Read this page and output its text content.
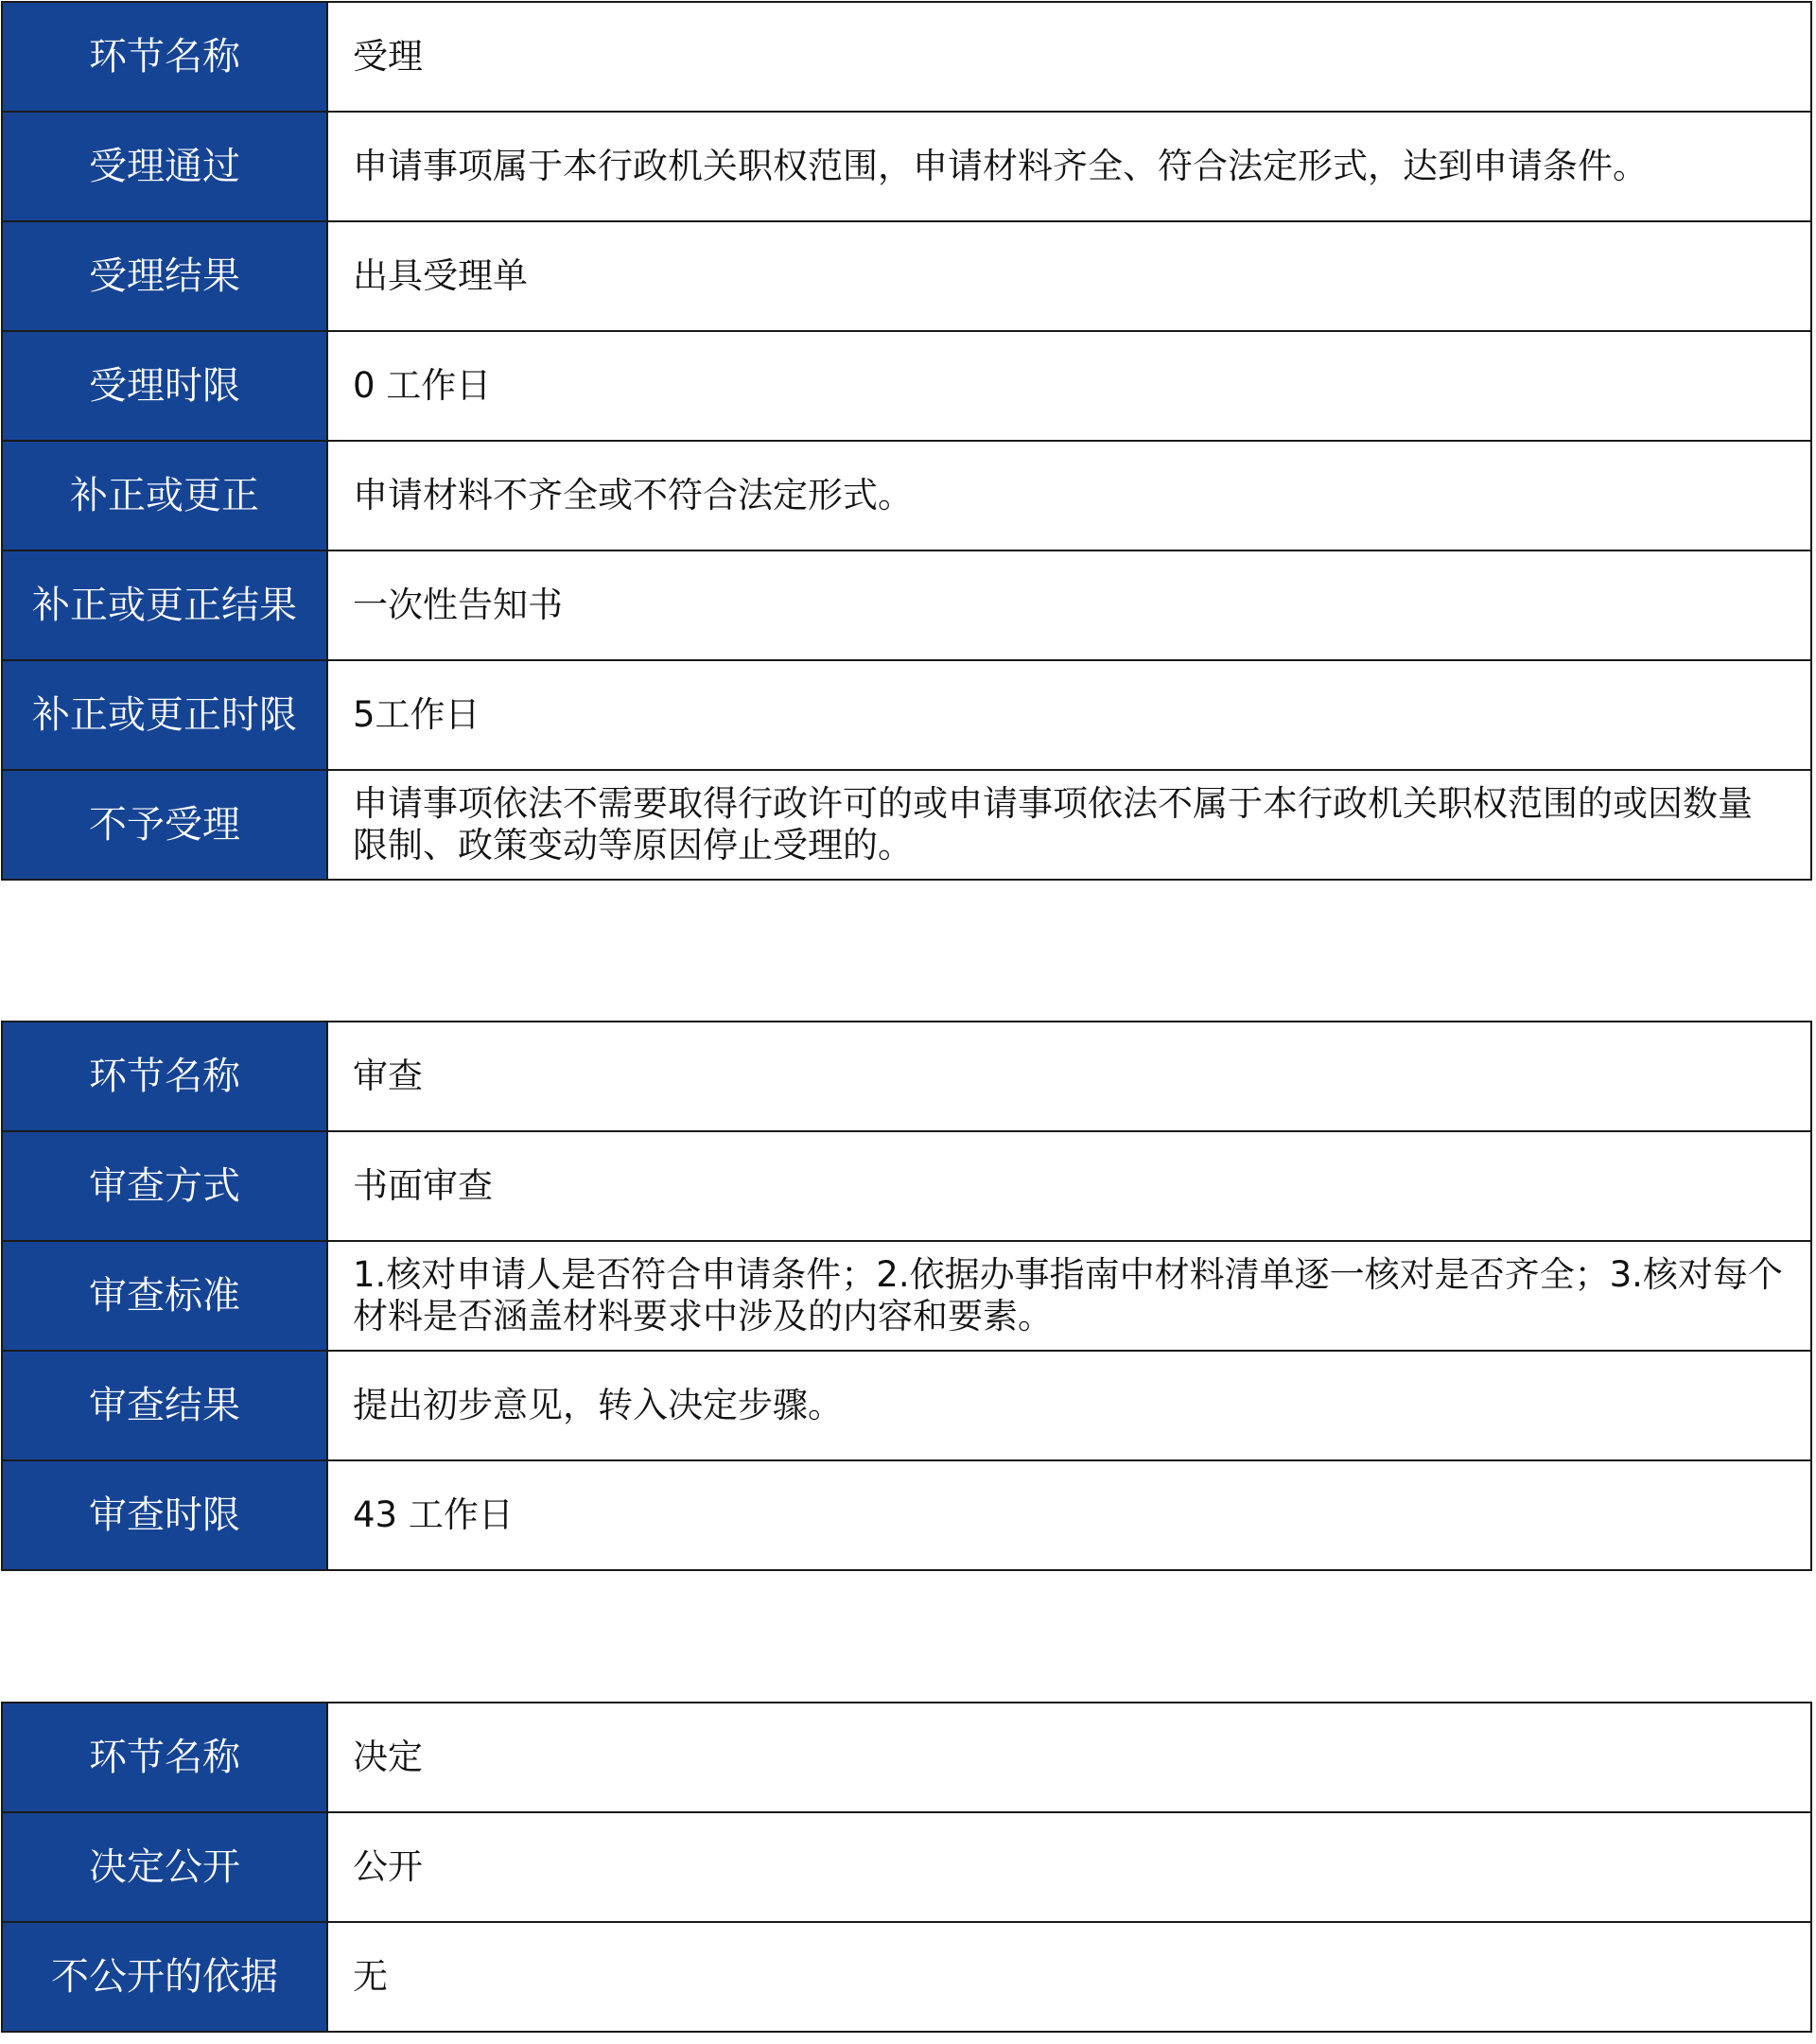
环节名称	受理
受理通过	申请事项属于本行政机关职权范围，申请材料齐全、符合法定形式，达到申请条件。
受理结果	出具受理单
受理时限	0 工作日
补正或更正	申请材料不齐全或不符合法定形式。
补正或更正结果	一次性告知书
补正或更正时限	5工作日
不予受理	申请事项依法不需要取得行政许可的或申请事项依法不属于本行政机关职权范围的或因数量限制、政策变动等原因停止受理的。
环节名称	审查
审查方式	书面审查
审查标准	1.核对申请人是否符合申请条件；2.依据办事指南中材料清单逐一核对是否齐全；3.核对每个材料是否涵盖材料要求中涉及的内容和要素。
审查结果	提出初步意见，转入决定步骤。
审查时限	43 工作日
环节名称	决定
决定公开	公开
不公开的依据	无
